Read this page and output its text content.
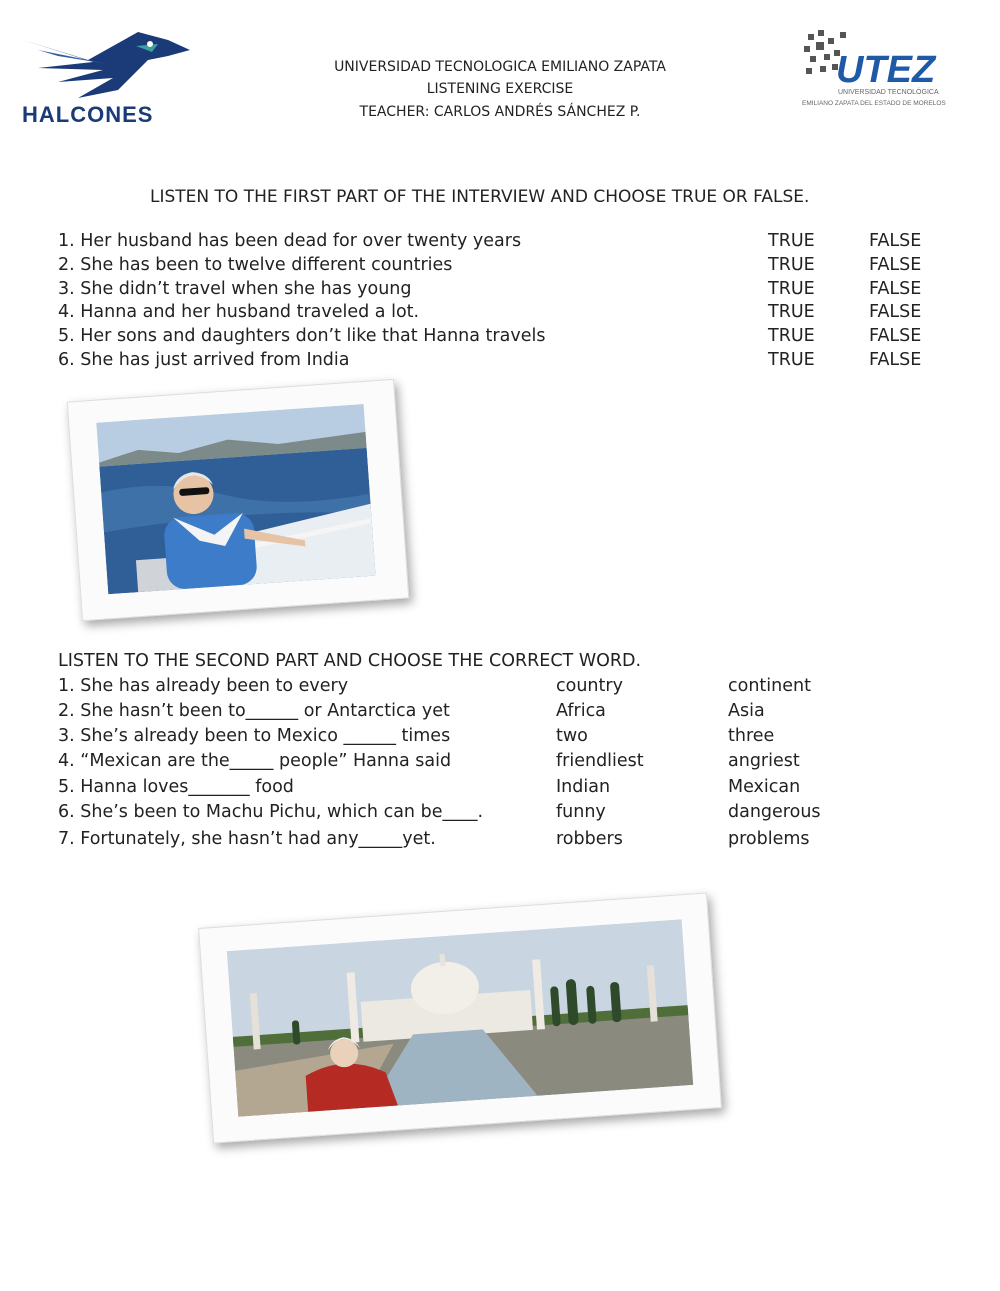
HALCONES
UNIVERSIDAD TECNOLOGICA EMILIANO ZAPATA
LISTENING EXERCISE
TEACHER: CARLOS ANDRÉS SÁNCHEZ P.
UTEZ
UNIVERSIDAD TECNOLÓGICA
EMILIANO ZAPATA DEL ESTADO DE MORELOS
LISTEN TO THE FIRST PART OF THE INTERVIEW AND CHOOSE TRUE OR FALSE.
1. Her husband has been dead for over twenty years	TRUE	FALSE
2. She has been to twelve different countries	TRUE	FALSE
3. She didn’t travel when she has young	TRUE	FALSE
4. Hanna and her husband traveled a lot.	TRUE	FALSE
5. Her sons and daughters don’t like that Hanna travels	TRUE	FALSE
6. She has just arrived from India	TRUE	FALSE
LISTEN TO THE SECOND PART AND CHOOSE THE CORRECT WORD.
1. She has already been to every	country	continent
2. She hasn’t been to______ or Antarctica yet	Africa	Asia
3. She’s already been to Mexico ______ times	two	three
4. “Mexican are the_____ people” Hanna said	friendliest	angriest
5. Hanna loves_______ food	Indian	Mexican
6. She’s been to Machu Pichu, which can be____.	funny	dangerous
7. Fortunately, she hasn’t had any_____yet.	robbers	problems
